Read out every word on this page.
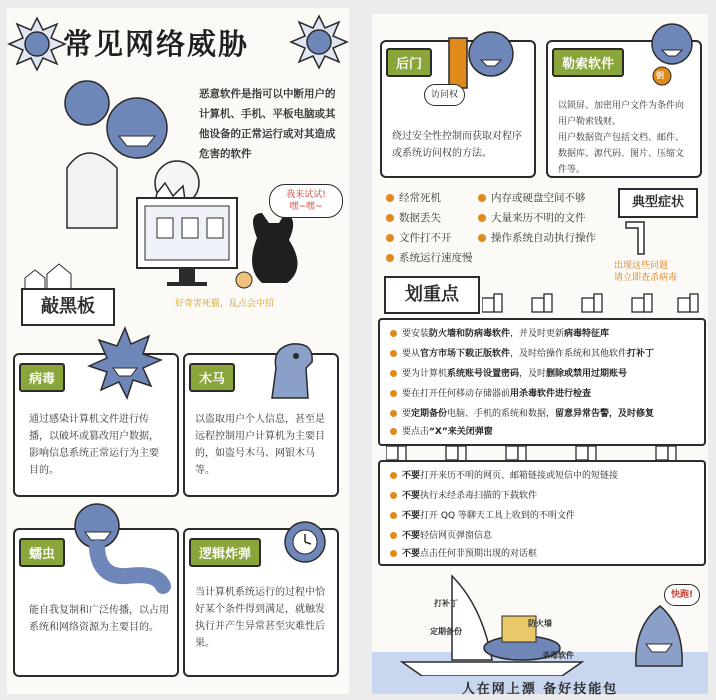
常见网络威胁
恶意软件是指可以中断用户的计算机、手机、平板电脑或其他设备的正常运行或对其造成危害的软件
我来试试!
嘿~嘿~
好奇害死猫，乱点会中招
敲黑板
病毒
通过感染计算机文件进行传播，以破坏或篡改用户数据，影响信息系统正常运行为主要目的。
木马
以盗取用户个人信息，甚至是远程控制用户计算机为主要目的，如盗号木马、网银木马等。
蠕虫
能自我复制和广泛传播，以占用系统和网络资源为主要目的。
逻辑炸弹
当计算机系统运行的过程中恰好某个条件得到满足，就触发执行并产生异常甚至灾难性后果。
后门
绕过安全性控制而获取对程序或系统访问权的方法。
访问权
勒索软件
以锁屏、加密用户文件为条件向用户勒索钱财。
用户数据资产包括文档、邮件、数据库、源代码、图片、压缩文件等。
钥
经常死机	内存或硬盘空间不够
数据丢失	大量来历不明的文件
文件打不开	操作系统自动执行操作
系统运行速度慢
典型症状
出现这些问题
请立即查杀病毒
划重点
要安装防火墙和防病毒软件，并及时更新病毒特征库
要从官方市场下载正版软件，及时给操作系统和其他软件打补丁
要为计算机系统账号设置密码，及时删除或禁用过期账号
要在打开任何移动存储器前用杀毒软件进行检查
要定期备份电脑、手机的系统和数据，留意异常告警，及时修复
要点击“X”来关闭弹窗
不要打开来历不明的网页、邮箱链接或短信中的短链接
不要执行未经杀毒扫描的下载软件
不要打开 QQ 等聊天工具上收到的不明文件
不要轻信网页弹窗信息
不要点击任何非预期出现的对话框
打补丁
定期备份
杀毒软件
防火墙
快跑!
人在网上漂 备好技能包
